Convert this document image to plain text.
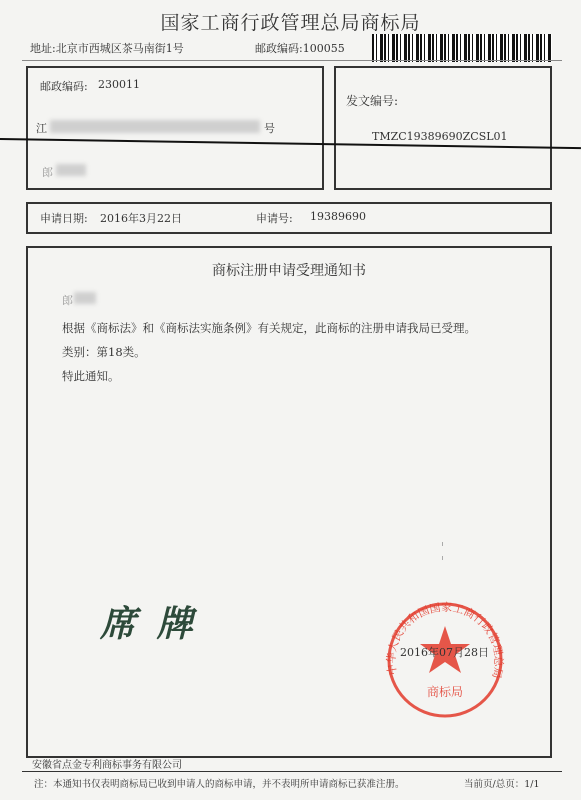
国家工商行政管理总局商标局
地址:北京市西城区茶马南街1号	邮政编码:100055
邮政编码: 230011
江	号
郎
发文编号:
TMZC19389690ZCSL01
申请日期: 2016年3月22日	申请号: 19389690
商标注册申请受理通知书
郎
根据《商标法》和《商标法实施条例》有关规定，此商标的注册申请我局已受理。
类别：第18类。
特此通知。
席 牌
中华人民共和国国家工商行政管理总局
商标局
2016年07月28日
安徽省点金专利商标事务有限公司
注：本通知书仅表明商标局已收到申请人的商标申请，并不表明所申请商标已获准注册。	当前页/总页：1/1
